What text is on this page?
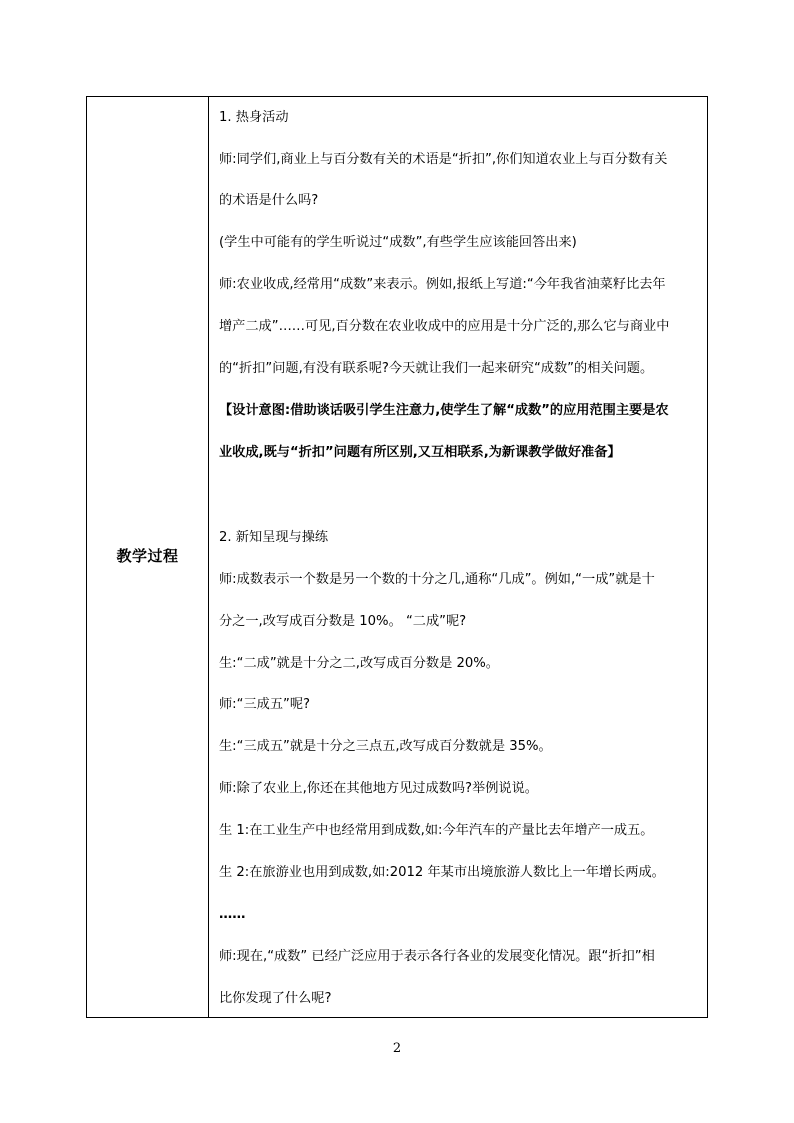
教学过程
1. 热身活动
师:同学们,商业上与百分数有关的术语是“折扣”,你们知道农业上与百分数有关
的术语是什么吗?
(学生中可能有的学生听说过“成数”,有些学生应该能回答出来)
师:农业收成,经常用“成数”来表示。例如,报纸上写道:“今年我省油菜籽比去年
增产二成”……可见,百分数在农业收成中的应用是十分广泛的,那么它与商业中
的“折扣”问题,有没有联系呢?今天就让我们一起来研究“成数”的相关问题。
【设计意图:借助谈话吸引学生注意力,使学生了解“成数”的应用范围主要是农
业收成,既与“折扣”问题有所区别,又互相联系,为新课教学做好准备】
2. 新知呈现与操练
师:成数表示一个数是另一个数的十分之几,通称“几成”。例如,“一成”就是十
分之一,改写成百分数是 10%。 “二成”呢?
生:“二成”就是十分之二,改写成百分数是 20%。
师:“三成五”呢?
生:“三成五”就是十分之三点五,改写成百分数就是 35%。
师:除了农业上,你还在其他地方见过成数吗?举例说说。
生 1:在工业生产中也经常用到成数,如:今年汽车的产量比去年增产一成五。
生 2:在旅游业也用到成数,如:2012 年某市出境旅游人数比上一年增长两成。
……
师:现在,“成数” 已经广泛应用于表示各行各业的发展变化情况。跟“折扣”相
比你发现了什么呢?
2
